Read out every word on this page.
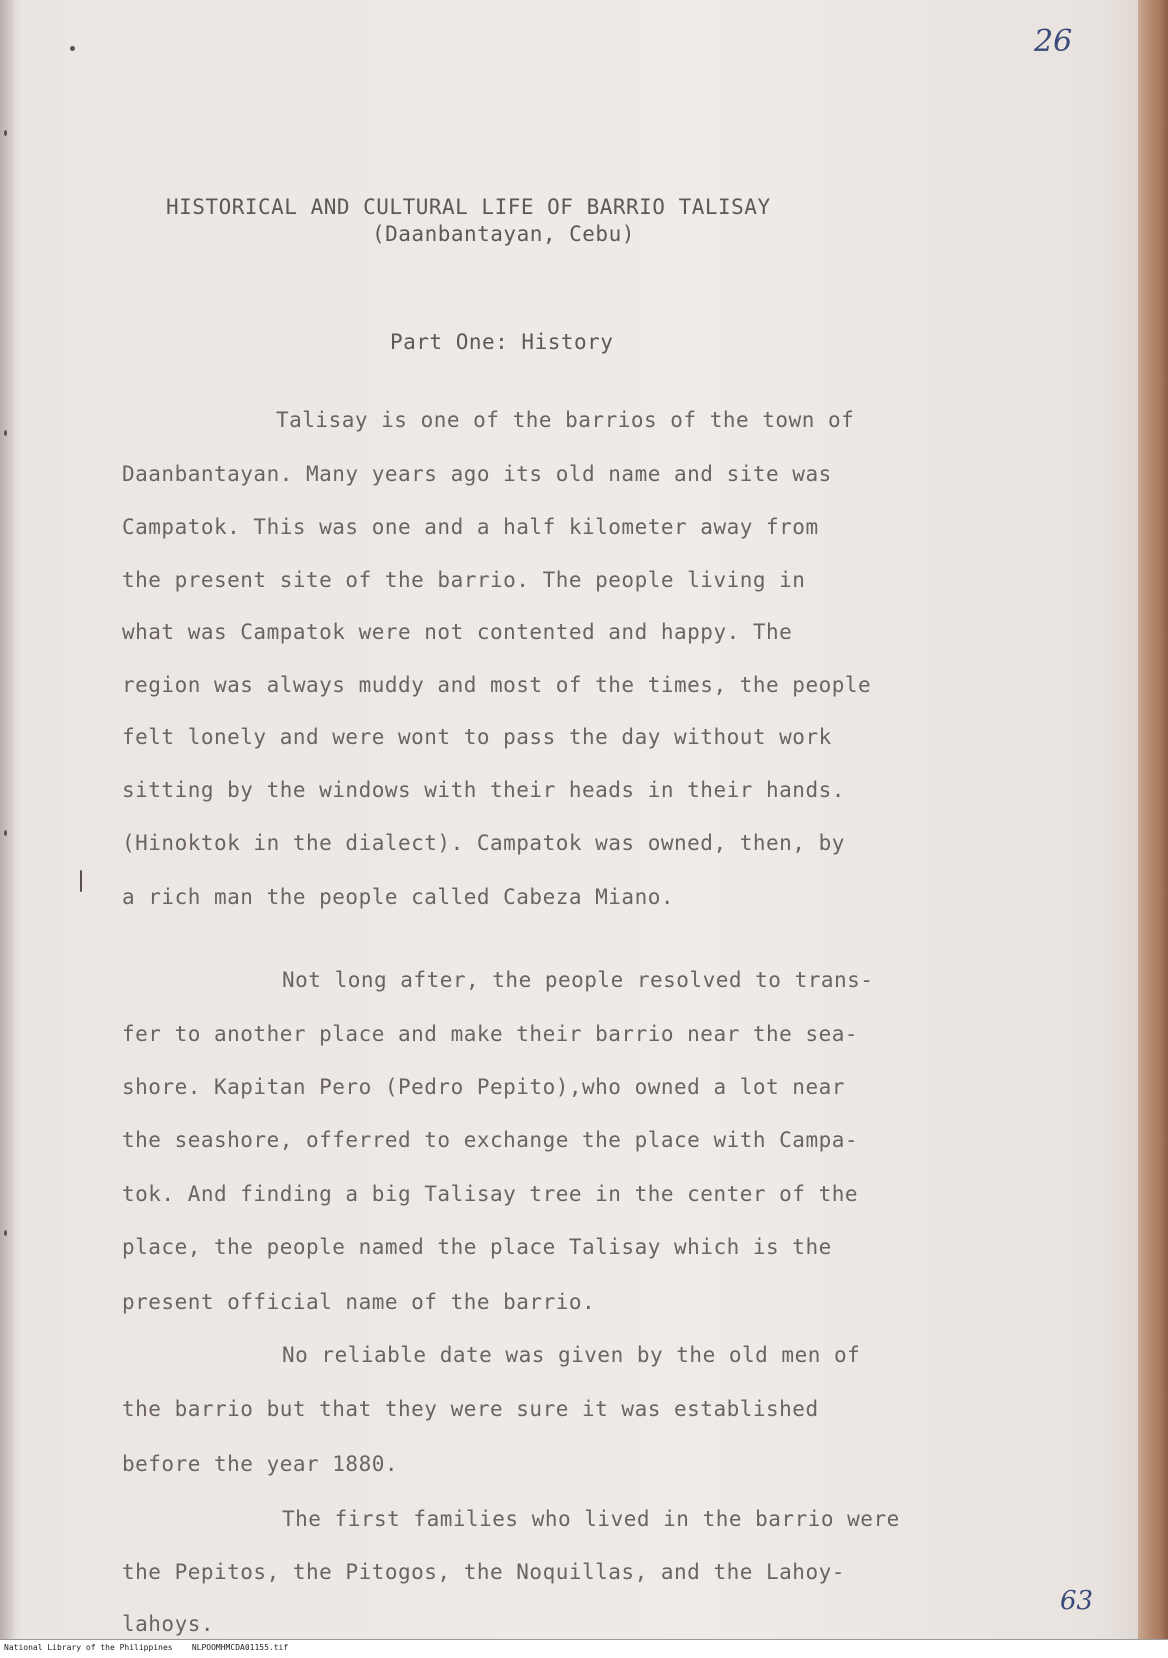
26
HISTORICAL AND CULTURAL LIFE OF BARRIO TALISAY
(Daanbantayan, Cebu)
Part One: History
Talisay is one of the barrios of the town of
Daanbantayan. Many years ago its old name and site was
Campatok. This was one and a half kilometer away from
the present site of the barrio. The people living in
what was Campatok were not contented and happy. The
region was always muddy and most of the times, the people
felt lonely and were wont to pass the day without work
sitting by the windows with their heads in their hands.
(Hinoktok in the dialect). Campatok was owned, then, by
a rich man the people called Cabeza Miano.
Not long after, the people resolved to trans-
fer to another place and make their barrio near the sea-
shore. Kapitan Pero (Pedro Pepito),who owned a lot near
the seashore, offerred to exchange the place with Campa-
tok. And finding a big Talisay tree in the center of the
place, the people named the place Talisay which is the
present official name of the barrio.
No reliable date was given by the old men of
the barrio but that they were sure it was established
before the year 1880.
The first families who lived in the barrio were
the Pepitos, the Pitogos, the Noquillas, and the Lahoy-
lahoys.
63
National Library of the Philippines    NLPOOMHMCDA01155.tif
